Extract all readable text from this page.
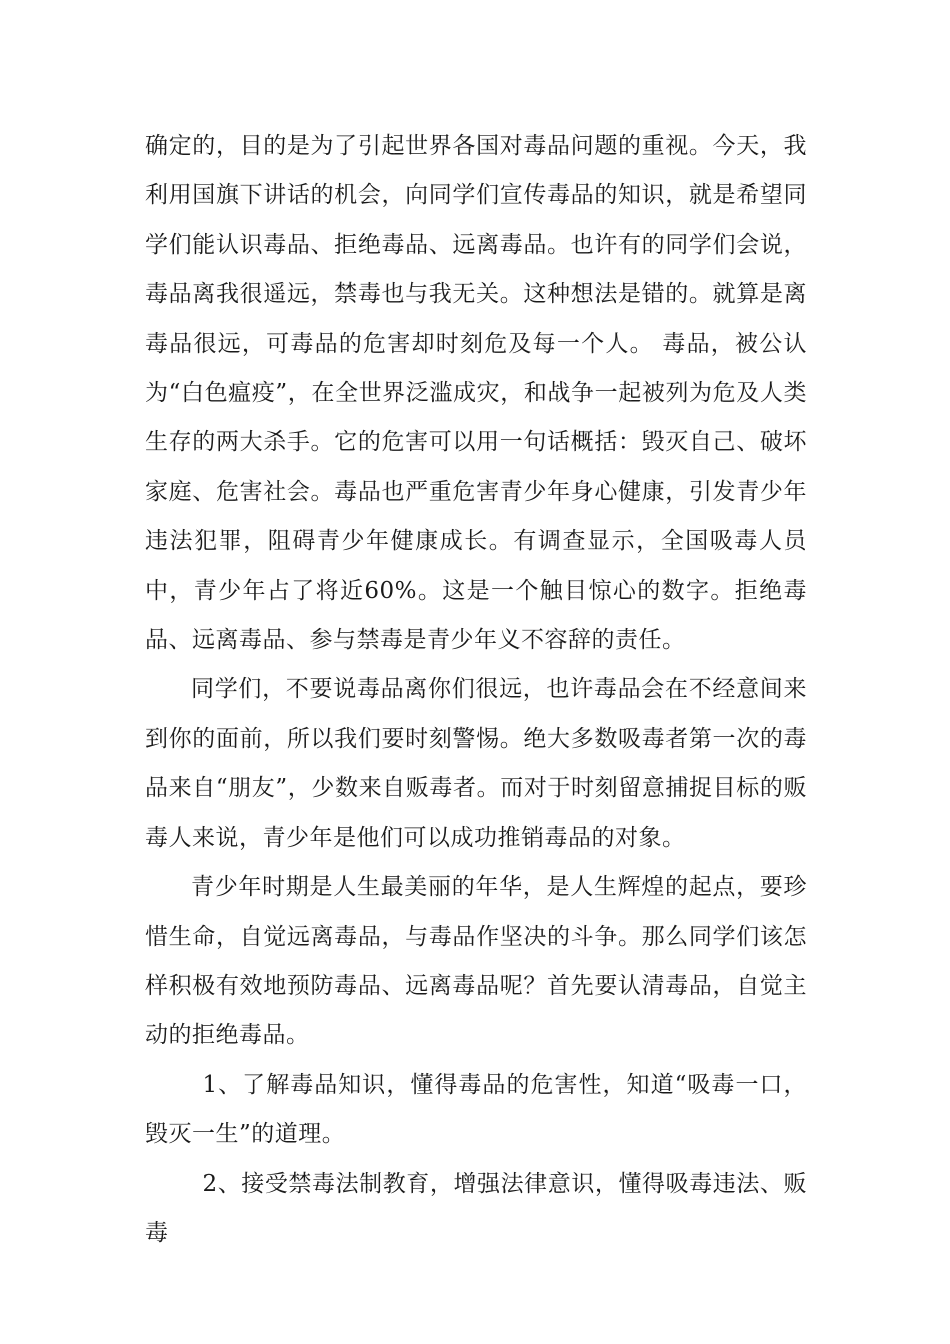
确定的，目的是为了引起世界各国对毒品问题的重视。今天，我利用国旗下讲话的机会，向同学们宣传毒品的知识，就是希望同学们能认识毒品、拒绝毒品、远离毒品。也许有的同学们会说，毒品离我很遥远，禁毒也与我无关。这种想法是错的。就算是离毒品很远，可毒品的危害却时刻危及每一个人。 毒品，被公认为“白色瘟疫”，在全世界泛滥成灾，和战争一起被列为危及人类生存的两大杀手。它的危害可以用一句话概括：毁灭自己、破坏家庭、危害社会。毒品也严重危害青少年身心健康，引发青少年违法犯罪，阻碍青少年健康成长。有调查显示，全国吸毒人员中，青少年占了将近60%。这是一个触目惊心的数字。拒绝毒品、远离毒品、参与禁毒是青少年义不容辞的责任。

同学们，不要说毒品离你们很远，也许毒品会在不经意间来到你的面前，所以我们要时刻警惕。绝大多数吸毒者第一次的毒品来自“朋友”，少数来自贩毒者。而对于时刻留意捕捉目标的贩毒人来说，青少年是他们可以成功推销毒品的对象。

青少年时期是人生最美丽的年华，是人生辉煌的起点，要珍惜生命，自觉远离毒品，与毒品作坚决的斗争。那么同学们该怎样积极有效地预防毒品、远离毒品呢？首先要认清毒品，自觉主动的拒绝毒品。

1、了解毒品知识，懂得毒品的危害性，知道“吸毒一口，毁灭一生”的道理。

2、接受禁毒法制教育，增强法律意识，懂得吸毒违法、贩毒
